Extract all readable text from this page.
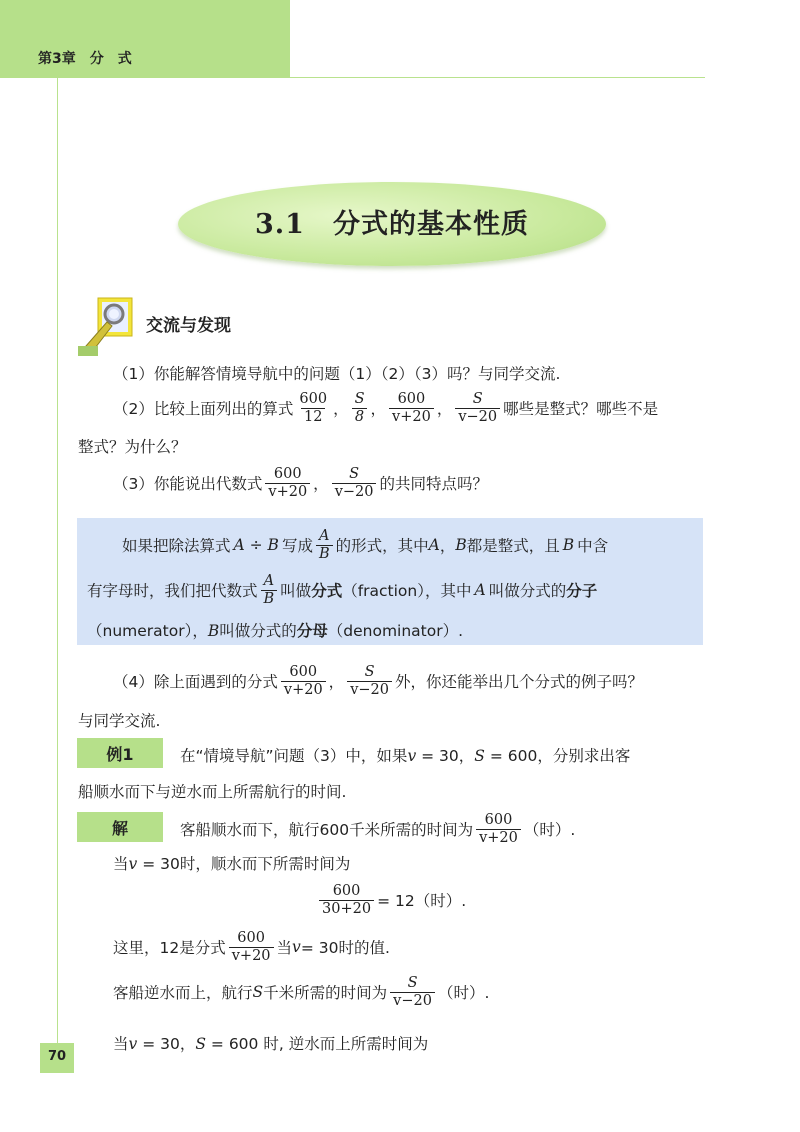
第3章　分　式
3.1　分式的基本性质
交流与发现
（1）你能解答情境导航中的问题（1）（2）（3）吗？与同学交流.
（2）比较上面列出的算式 $\frac{600}{12}$ ， $\frac{S}{8}$ ， $\frac{600}{v+20}$ ， $\frac{S}{v-20}$ 哪些是整式？哪些不是
整式？为什么？
（3）你能说出代数式 $\frac{600}{v+20}$ ， $\frac{S}{v-20}$ 的共同特点吗？
如果把除法算式 A ÷ B 写成 $\frac{A}{B}$ 的形式，其中 A ， B 都是整式，且 B 中含
有字母时，我们把代数式 $\frac{A}{B}$ 叫做 分式 （fraction），其中 A 叫做分式的 分子
（numerator），B叫做分式的分母（denominator）.
（4）除上面遇到的分式 $\frac{600}{v+20}$ ， $\frac{S}{v-20}$ 外，你还能举出几个分式的例子吗？
与同学交流.
例1	在“情境导航”问题（3）中，如果v = 30，S = 600，分别求出客
船顺水而下与逆水而上所需航行的时间.
解	客船顺水而下，航行600千米所需的时间为 $\frac{600}{v+20}$ （时）.
当v = 30时，顺水而下所需时间为
$\frac{600}{30+20} = 12$（时）.
这里，12是分式 $\frac{600}{v+20}$ 当 v = 30时的值.
客船逆水而上，航行 S 千米所需的时间为 $\frac{S}{v-20}$ （时）.
当v = 30，S = 600 时, 逆水而上所需时间为
70
